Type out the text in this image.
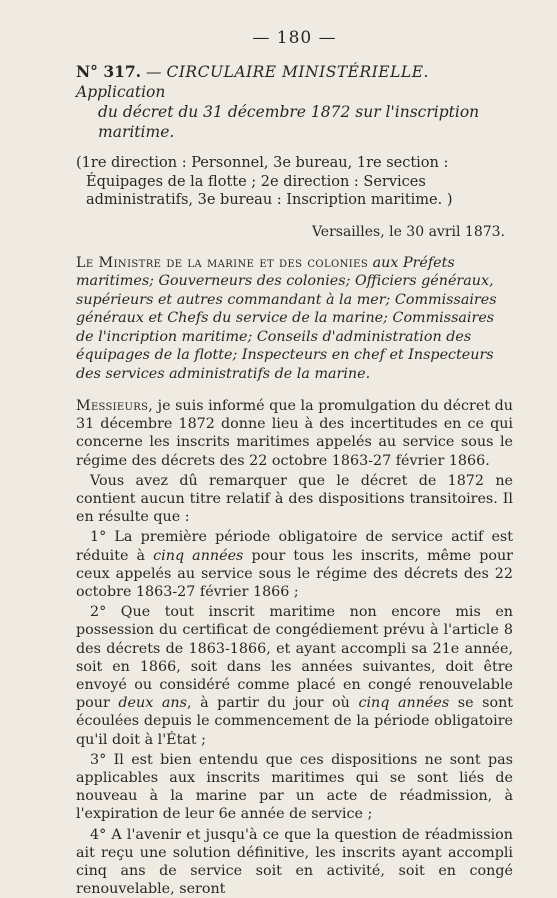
— 180 —
N° 317. — CIRCULAIRE MINISTÉRIELLE. Application
du décret du 31 décembre 1872 sur l'inscription maritime.
(1re direction : Personnel, 3e bureau, 1re section : Équipages de la flotte ; 2e direction : Services administratifs, 3e bureau : Inscription maritime. )
Versailles, le 30 avril 1873.
Le Ministre de la marine et des colonies aux Préfets maritimes; Gouverneurs des colonies; Officiers généraux, supérieurs et autres commandant à la mer; Commissaires généraux et Chefs du service de la marine; Commissaires de l'incription maritime; Conseils d'administration des équipages de la flotte; Inspecteurs en chef et Inspecteurs des services administratifs de la marine.

Messieurs, je suis informé que la promulgation du décret du 31 décembre 1872 donne lieu à des incertitudes en ce qui concerne les inscrits maritimes appelés au service sous le régime des décrets des 22 octobre 1863-27 février 1866.

Vous avez dû remarquer que le décret de 1872 ne contient aucun titre relatif à des dispositions transitoires. Il en résulte que :

1° La première période obligatoire de service actif est réduite à cinq années pour tous les inscrits, même pour ceux appelés au service sous le régime des décrets des 22 octobre 1863-27 février 1866 ;

2° Que tout inscrit maritime non encore mis en possession du certificat de congédiement prévu à l'article 8 des décrets de 1863-1866, et ayant accompli sa 21e année, soit en 1866, soit dans les années suivantes, doit être envoyé ou considéré comme placé en congé renouvelable pour deux ans, à partir du jour où cinq années se sont écoulées depuis le commencement de la période obligatoire qu'il doit à l'État ;

3° Il est bien entendu que ces dispositions ne sont pas applicables aux inscrits maritimes qui se sont liés de nouveau à la marine par un acte de réadmission, à l'expiration de leur 6e année de service ;

4° A l'avenir et jusqu'à ce que la question de réadmission ait reçu une solution définitive, les inscrits ayant accompli cinq ans de service soit en activité, soit en congé renouvelable, seront
